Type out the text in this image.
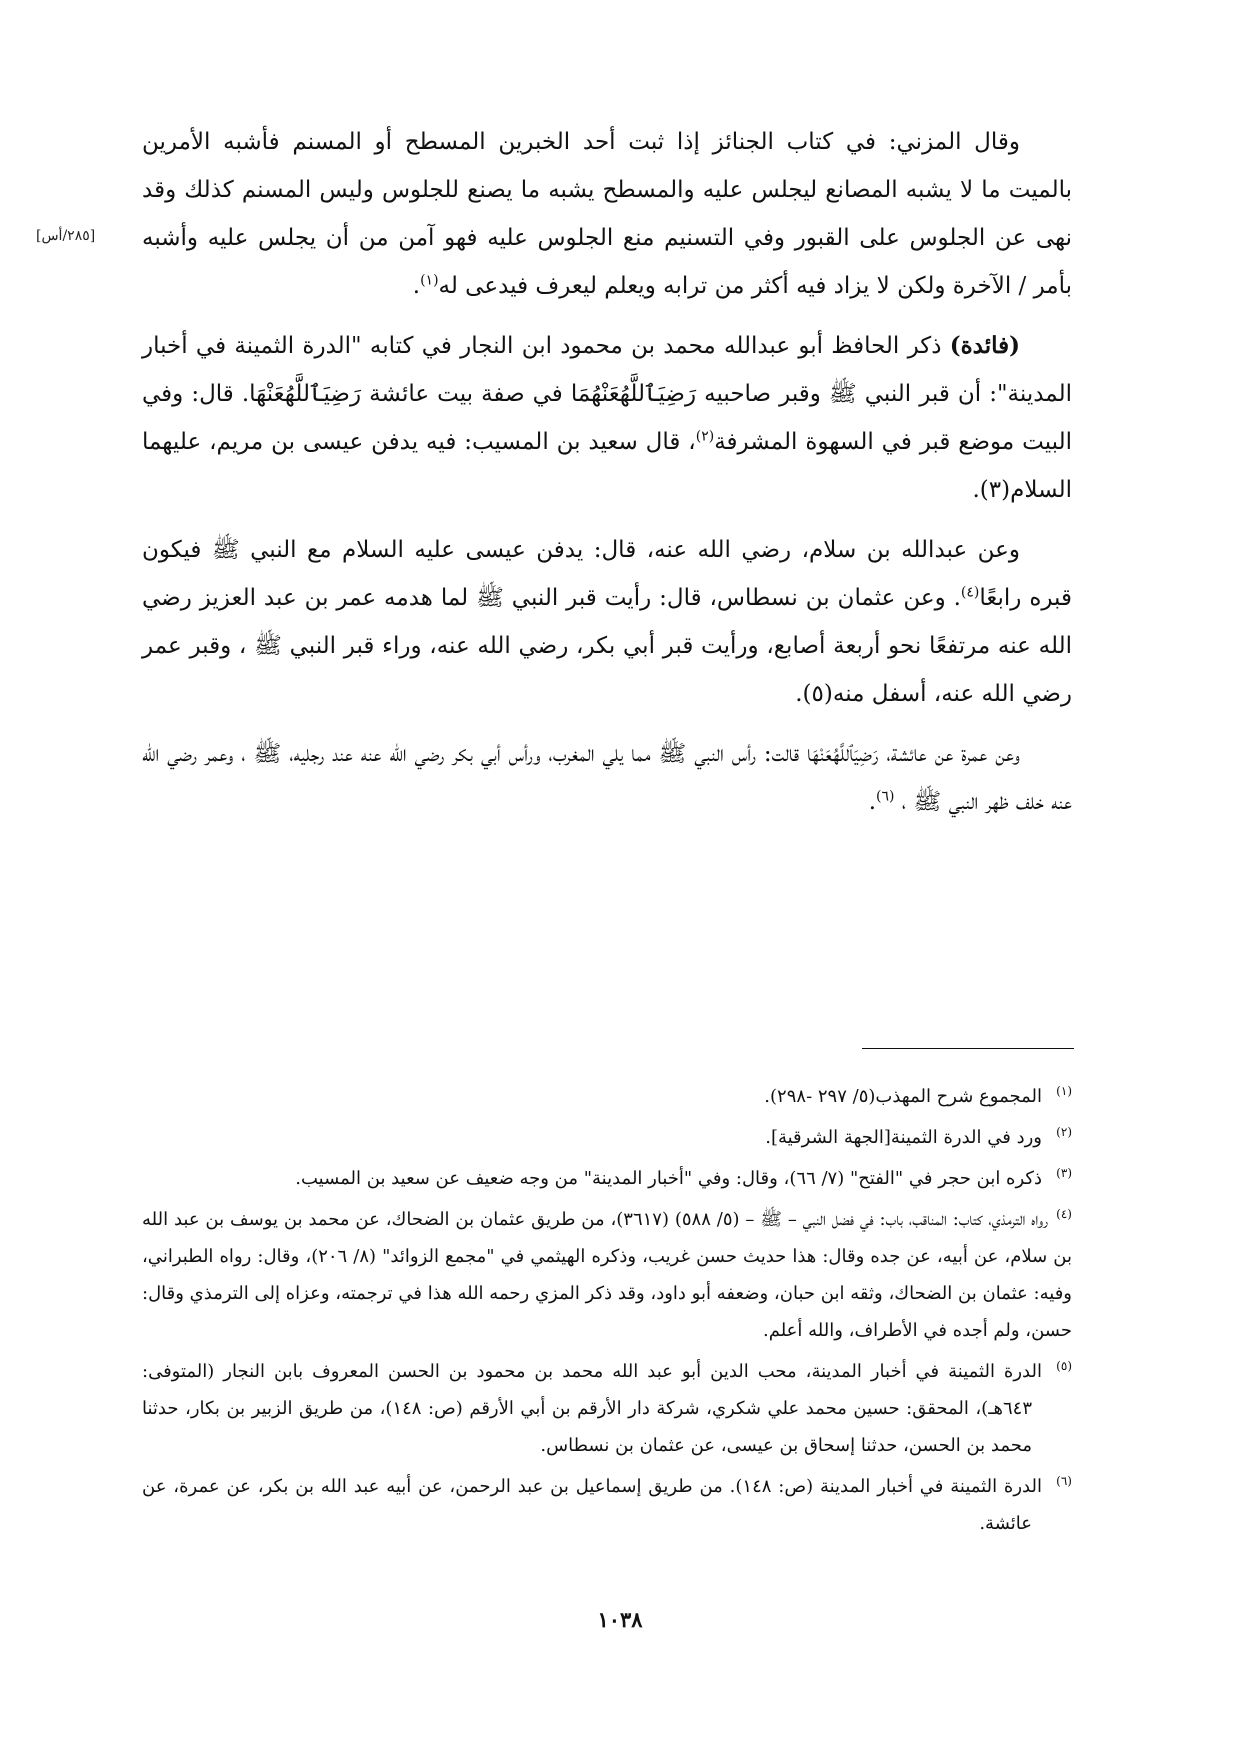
[٢٨٥/أس]

وقال المزني: في كتاب الجنائز إذا ثبت أحد الخبرين المسطح أو المسنم فأشبه الأمرين بالميت ما لا يشبه المصانع ليجلس عليه والمسطح يشبه ما يصنع للجلوس وليس المسنم كذلك وقد نهى عن الجلوس على القبور وفي التسنيم منع الجلوس عليه فهو آمن من أن يجلس عليه وأشبه بأمر / الآخرة ولكن لا يزاد فيه أكثر من ترابه ويعلم ليعرف فيدعى له$^{(١)}$.

(فائدة) ذكر الحافظ أبو عبدالله محمد بن محمود ابن النجار في كتابه "الدرة الثمينة في أخبار المدينة": أن قبر النبي ﷺ وقبر صاحبيه رَضِيَٱللَّهُعَنْهُمَا في صفة بيت عائشة رَضِيَٱللَّهُعَنْهَا. قال: وفي البيت موضع قبر في السهوة المشرفة$^{(٢)}$، قال سعيد بن المسيب: فيه يدفن عيسى بن مريم، عليهما السلام(٣).

وعن عبدالله بن سلام، رضي الله عنه، قال: يدفن عيسى عليه السلام مع النبي ﷺ فيكون قبره رابعًا$^{(٤)}$. وعن عثمان بن نسطاس، قال: رأيت قبر النبي ﷺ لما هدمه عمر بن عبد العزيز رضي الله عنه مرتفعًا نحو أربعة أصابع، ورأيت قبر أبي بكر، رضي الله عنه، وراء قبر النبي ﷺ ، وقبر عمر رضي الله عنه، أسفل منه(٥).

وعن عمرة عن عائشة، رَضِيَٱللَّهُعَنْهَا قالت: رأس النبي ﷺ مما يلي المغرب، ورأس أبي بكر رضي الله عنه عند رجليه، ﷺ ، وعمر رضي الله عنه خلف ظهر النبي ﷺ ، $^{(٦)}$.

(١)المجموع شرح المهذب(٥/ ٢٩٧ -٢٩٨).

(٢)ورد في الدرة الثمينة[الجهة الشرقية].

(٣)ذكره ابن حجر في "الفتح" (٧/ ٦٦)، وقال: وفي "أخبار المدينة" من وجه ضعيف عن سعيد بن المسيب.

(٤)رواه الترمذي، كتاب: المناقب، باب: في فضل النبي – ﷺ – (٥/ ٥٨٨) (٣٦١٧)، من طريق عثمان بن الضحاك، عن محمد بن يوسف بن عبد الله بن سلام، عن أبيه، عن جده وقال: هذا حديث حسن غريب، وذكره الهيثمي في "مجمع الزوائد" (٨/ ٢٠٦)، وقال: رواه الطبراني، وفيه: عثمان بن الضحاك، وثقه ابن حبان، وضعفه أبو داود، وقد ذكر المزي رحمه الله هذا في ترجمته، وعزاه إلى الترمذي وقال: حسن، ولم أجده في الأطراف، والله أعلم.

(٥)الدرة الثمينة في أخبار المدينة، محب الدين أبو عبد الله محمد بن محمود بن الحسن المعروف بابن النجار (المتوفى: ٦٤٣هـ)، المحقق: حسين محمد علي شكري، شركة دار الأرقم بن أبي الأرقم (ص: ١٤٨)، من طريق الزبير بن بكار، حدثنا محمد بن الحسن، حدثنا إسحاق بن عيسى، عن عثمان بن نسطاس.

(٦)الدرة الثمينة في أخبار المدينة (ص: ١٤٨). من طريق إسماعيل بن عبد الرحمن، عن أبيه عبد الله بن بكر، عن عمرة، عن عائشة.

١٠٣٨
